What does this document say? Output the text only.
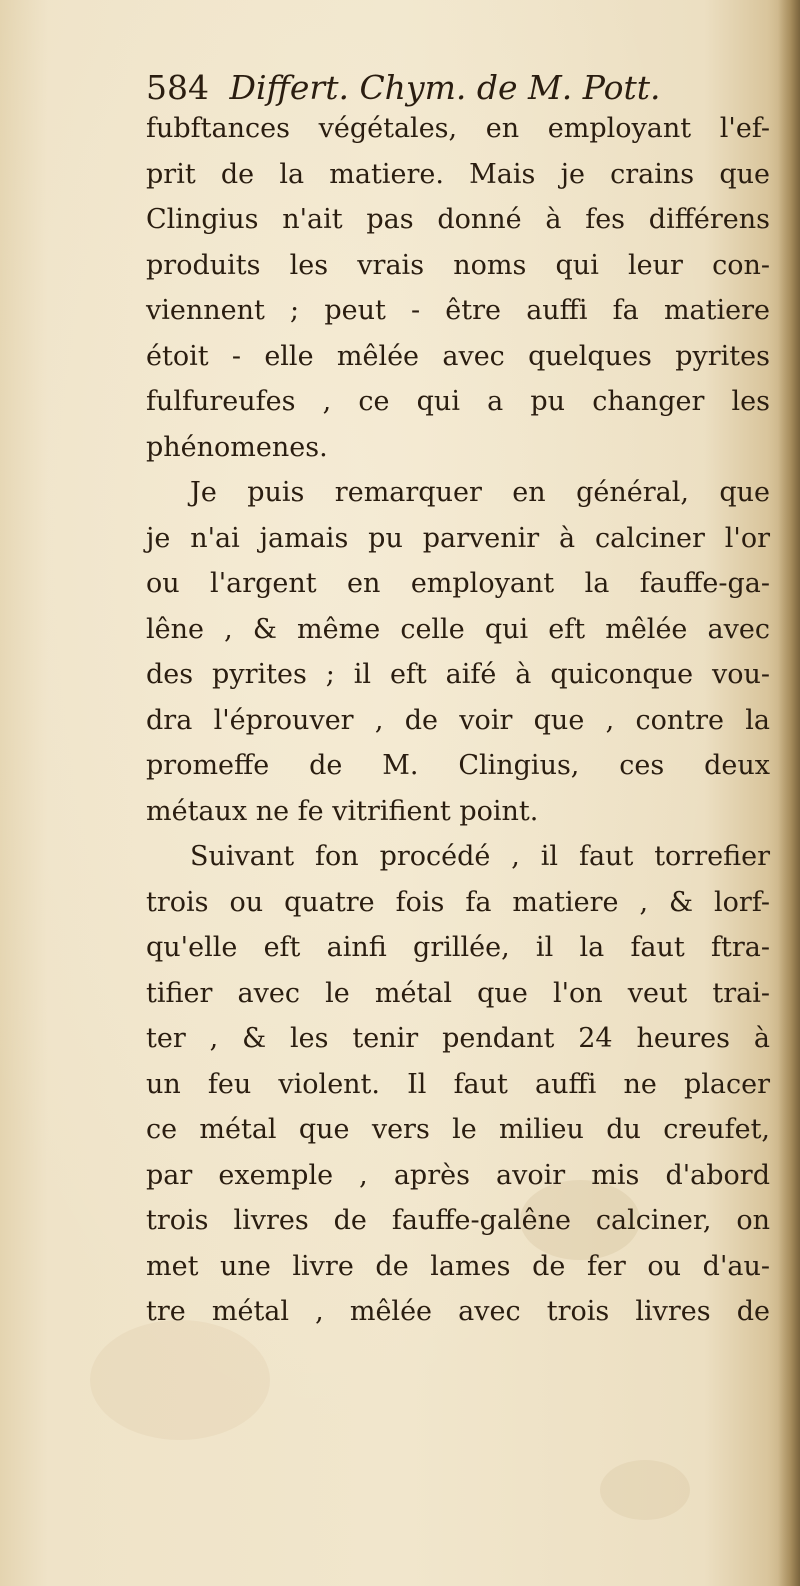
584 Differt. Chym. de M. Pott.
fubftances végétales, en employant l'ef-
prit de la matiere. Mais je crains que
Clingius n'ait pas donné à fes différens
produits les vrais noms qui leur con-
viennent ; peut - être auffi fa matiere
étoit - elle mêlée avec quelques pyrites
fulfureufes , ce qui a pu changer les
phénomenes.
Je puis remarquer en général, que
je n'ai jamais pu parvenir à calciner l'or
ou l'argent en employant la fauffe-ga-
lêne , & même celle qui eft mêlée avec
des pyrites ; il eft aifé à quiconque vou-
dra l'éprouver , de voir que , contre la
promeffe de M. Clingius, ces deux
métaux ne fe vitrifient point.
Suivant fon procédé , il faut torrefier
trois ou quatre fois fa matiere , & lorf-
qu'elle eft ainfi grillée, il la faut ftra-
tifier avec le métal que l'on veut trai-
ter , & les tenir pendant 24 heures à
un feu violent. Il faut auffi ne placer
ce métal que vers le milieu du creufet,
par exemple , après avoir mis d'abord
trois livres de fauffe-galêne calciner, on
met une livre de lames de fer ou d'au-
tre métal , mêlée avec trois livres de
